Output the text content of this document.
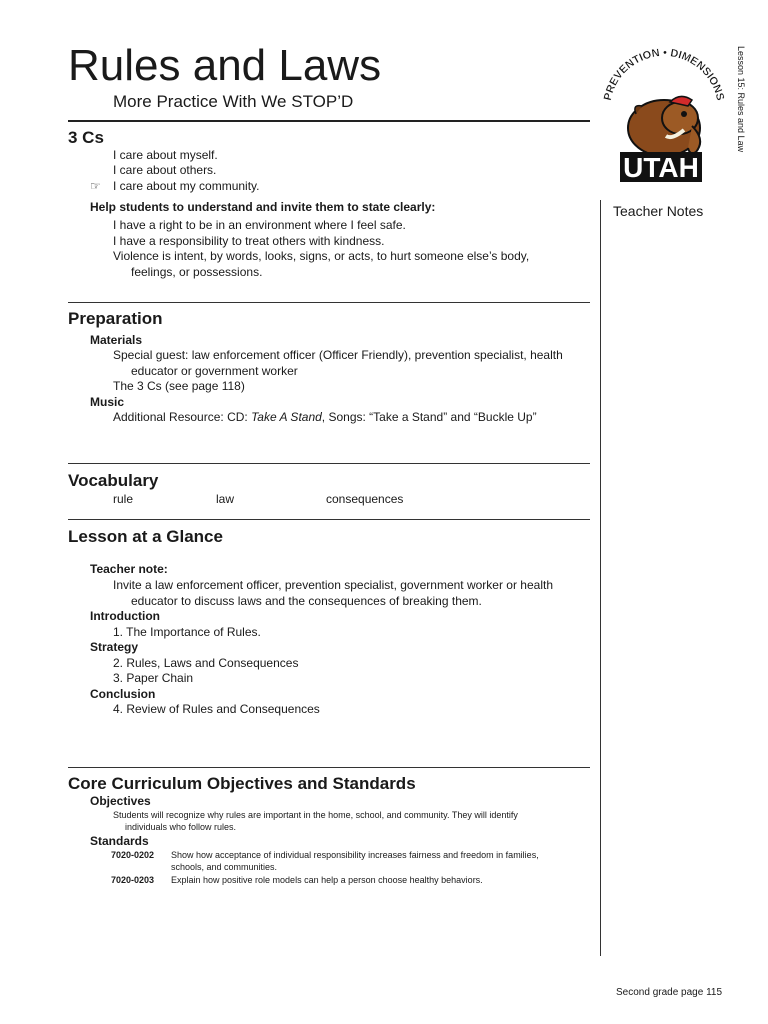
Rules and Laws
More Practice With We STOP’D	PREVENTION • DIMENSIONS
UTAH
Lesson 15: Rules and Law
Teacher Notes
3 Cs
I care about myself.
I care about others.
☞ I care about my community.
Help students to understand and invite them to state clearly:
I have a right to be in an environment where I feel safe.
I have a responsibility to treat others with kindness.
Violence is intent, by words, looks, signs, or acts, to hurt someone else’s body,
feelings, or possessions.
Preparation
Materials
Special guest: law enforcement officer (Officer Friendly), prevention specialist, health
educator or government worker
The 3 Cs (see page 118)
Music
Additional Resource: CD: Take A Stand, Songs: “Take a Stand” and “Buckle Up”
Vocabulary
rule	law	consequences
Lesson at a Glance
Teacher note:
Invite a law enforcement officer, prevention specialist, government worker or health
educator to discuss laws and the consequences of breaking them.
Introduction
1. The Importance of Rules.
Strategy
2. Rules, Laws and Consequences
3. Paper Chain
Conclusion
4. Review of Rules and Consequences
Core Curriculum Objectives and Standards
Objectives
Students will recognize why rules are important in the home, school, and community. They will identify
individuals who follow rules.
Standards
7020-0202 Show how acceptance of individual responsibility increases fairness and freedom in families,
schools, and communities.
7020-0203 Explain how positive role models can help a person choose healthy behaviors.
Second grade page 115
